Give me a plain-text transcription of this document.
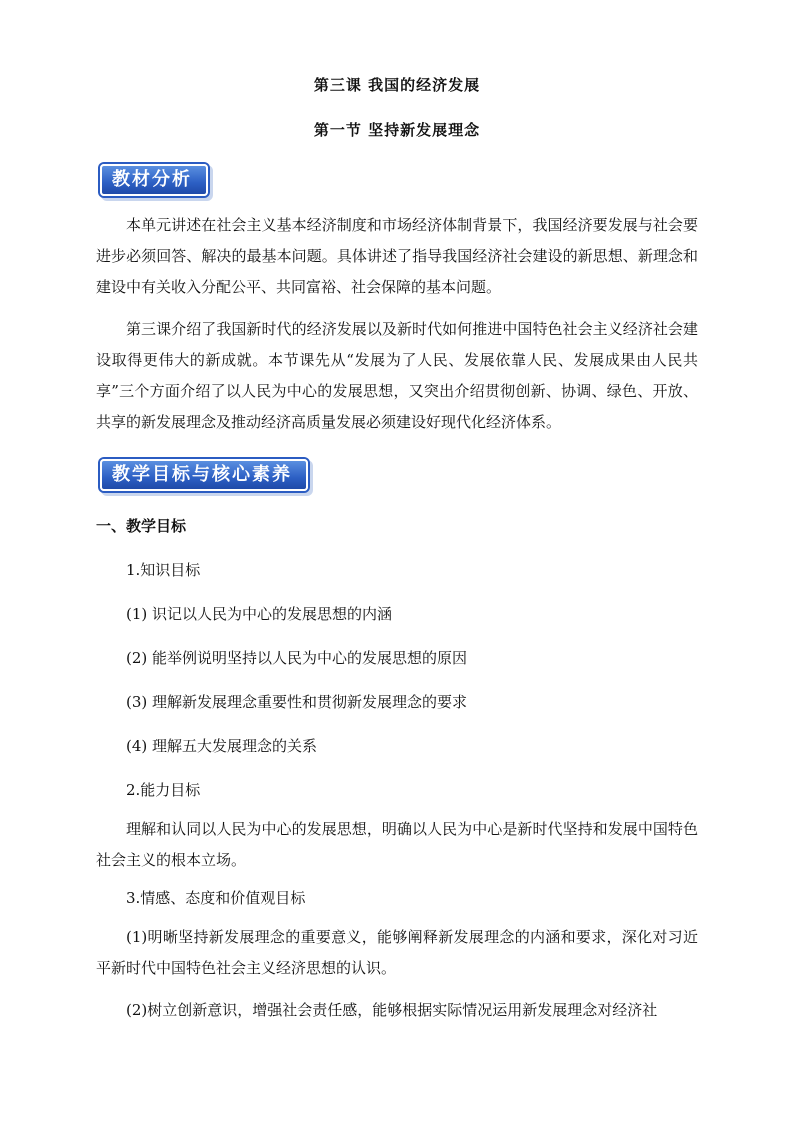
第三课 我国的经济发展
第一节 坚持新发展理念
教材分析

本单元讲述在社会主义基本经济制度和市场经济体制背景下，我国经济要发展与社会要进步必须回答、解决的最基本问题。具体讲述了指导我国经济社会建设的新思想、新理念和建设中有关收入分配公平、共同富裕、社会保障的基本问题。

第三课介绍了我国新时代的经济发展以及新时代如何推进中国特色社会主义经济社会建设取得更伟大的新成就。本节课先从“发展为了人民、发展依靠人民、发展成果由人民共享”三个方面介绍了以人民为中心的发展思想，又突出介绍贯彻创新、协调、绿色、开放、共享的新发展理念及推动经济高质量发展必须建设好现代化经济体系。

教学目标与核心素养

一、教学目标

1.知识目标

(1) 识记以人民为中心的发展思想的内涵

(2) 能举例说明坚持以人民为中心的发展思想的原因

(3) 理解新发展理念重要性和贯彻新发展理念的要求

(4) 理解五大发展理念的关系

2.能力目标

理解和认同以人民为中心的发展思想，明确以人民为中心是新时代坚持和发展中国特色社会主义的根本立场。

3.情感、态度和价值观目标

(1)明晰坚持新发展理念的重要意义，能够阐释新发展理念的内涵和要求，深化对习近平新时代中国特色社会主义经济思想的认识。

(2)树立创新意识，增强社会责任感，能够根据实际情况运用新发展理念对经济社
